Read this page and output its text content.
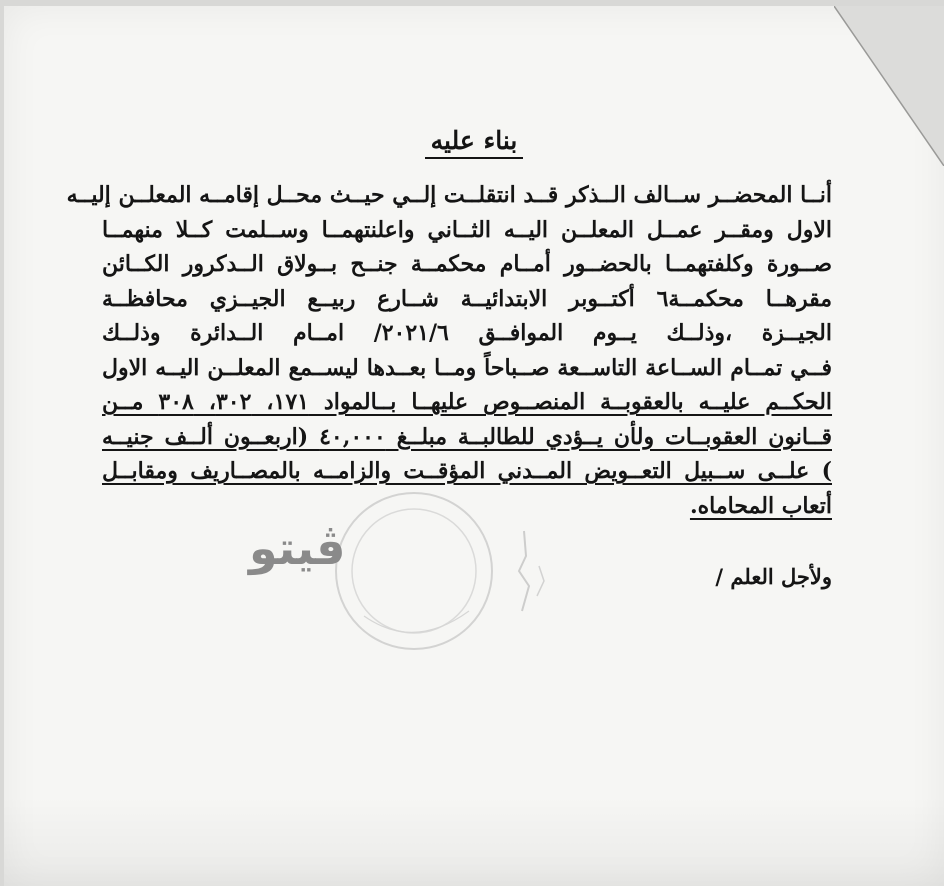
بناء عليه
أنــا المحضــر ســالف الــذكر قــد انتقلــت إلــي حيــث محــل إقامــه المعلــن إليــه
الاول ومقــر عمــل المعلــن اليــه الثــاني واعلنتهمــا وســلمت كــلا منهمــا
صــورة وكلفتهمــا بالحضــور أمــام محكمــة جنــح بــولاق الــدكرور الكــائن
مقرهــا محكمــة٦ أكتــوبر الابتدائيــة شــارع ربيــع الجيــزي محافظــة
الجيــزة ،وذلــك يــوم الموافــق ٢٠٢١/٦/ امــام الــدائرة وذلــك
فــي تمــام الســاعة التاســعة صــباحاً ومــا بعــدها ليســمع المعلــن اليــه الاول
الحكــم عليــه بالعقوبــة المنصــوص عليهــا بــالمواد ١٧١، ٣٠٢، ٣٠٨ مــن
قــانون العقوبــات ولأن يــؤدي للطالبــة مبلــغ ٤٠,٠٠٠ (اربعــون ألــف جنيــه
) علــى ســبيل التعــويض المــدني المؤقــت والزامــه بالمصــاريف ومقابــل
أتعاب المحاماه.
ولأجل العلم /
ڤيتو
